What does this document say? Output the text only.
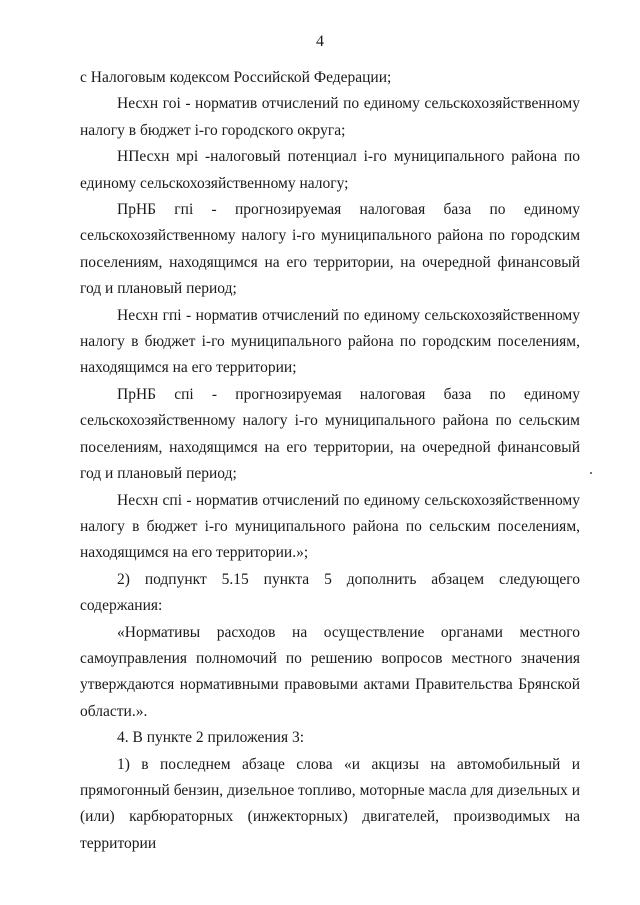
4

с Налоговым кодексом Российской Федерации;

Несхн гоi - норматив отчислений по единому сельскохозяйственному налогу в бюджет i-го городского округа;

НПесхн мрi -налоговый потенциал i-го муниципального района по единому сельскохозяйственному налогу;

ПрНБ гпi - прогнозируемая налоговая база по единому сельскохозяйственному налогу i-го муниципального района по городским поселениям, находящимся на его территории, на очередной финансовый год и плановый период;

Несхн гпi - норматив отчислений по единому сельскохозяйственному налогу в бюджет i-го муниципального района по городским поселениям, находящимся на его территории;

ПрНБ спi - прогнозируемая налоговая база по единому сельскохозяйственному налогу i-го муниципального района по сельским поселениям, находящимся на его территории, на очередной финансовый год и плановый период;

Несхн спi - норматив отчислений по единому сельскохозяйственному налогу в бюджет i-го муниципального района по сельским поселениям, находящимся на его территории.»;

2) подпункт 5.15 пункта 5 дополнить абзацем следующего содержания:

«Нормативы расходов на осуществление органами местного самоуправления полномочий по решению вопросов местного значения утверждаются нормативными правовыми актами Правительства Брянской области.».

4. В пункте 2 приложения 3:

1) в последнем абзаце слова «и акцизы на автомобильный и прямогонный бензин, дизельное топливо, моторные масла для дизельных и (или) карбюраторных (инжекторных) двигателей, производимых на территории
